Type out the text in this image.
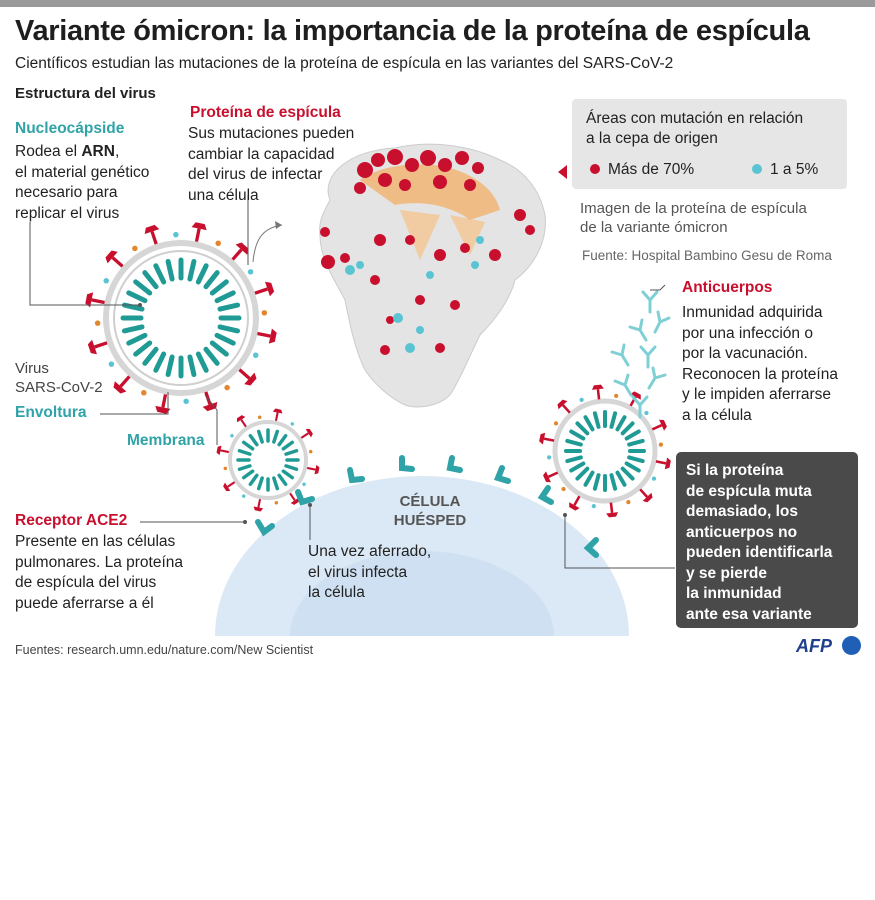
Variante ómicron: la importancia de la proteína de espícula
Científicos estudian las mutaciones de la proteína de espícula en las variantes del SARS-CoV-2
Estructura del virus
Nucleocápside
Rodea el ARN,
el material genético
necesario para
replicar el virus
Proteína de espícula
Sus mutaciones pueden
cambiar la capacidad
del virus de infectar
una célula
Virus
SARS-CoV-2
Envoltura
Membrana
Áreas con mutación en relación
a la cepa de origen
Más de 70%	1 a 5%
Imagen de la proteína de espícula
de la variante ómicron
Fuente: Hospital Bambino Gesu de Roma
Anticuerpos
Inmunidad adquirida
por una infección o
por la vacunación.
Reconocen la proteína
y le impiden aferrarse
a la célula
Receptor ACE2
Presente en las células
pulmonares. La proteína
de espícula del virus
puede aferrarse a él
CÉLULA
HUÉSPED
Una vez aferrado,
el virus infecta
la célula
Si la proteína
de espícula muta
demasiado, los
anticuerpos no
pueden identificarla
y se pierde
la inmunidad
ante esa variante
Fuentes: research.umn.edu/nature.com/New Scientist	AFP
